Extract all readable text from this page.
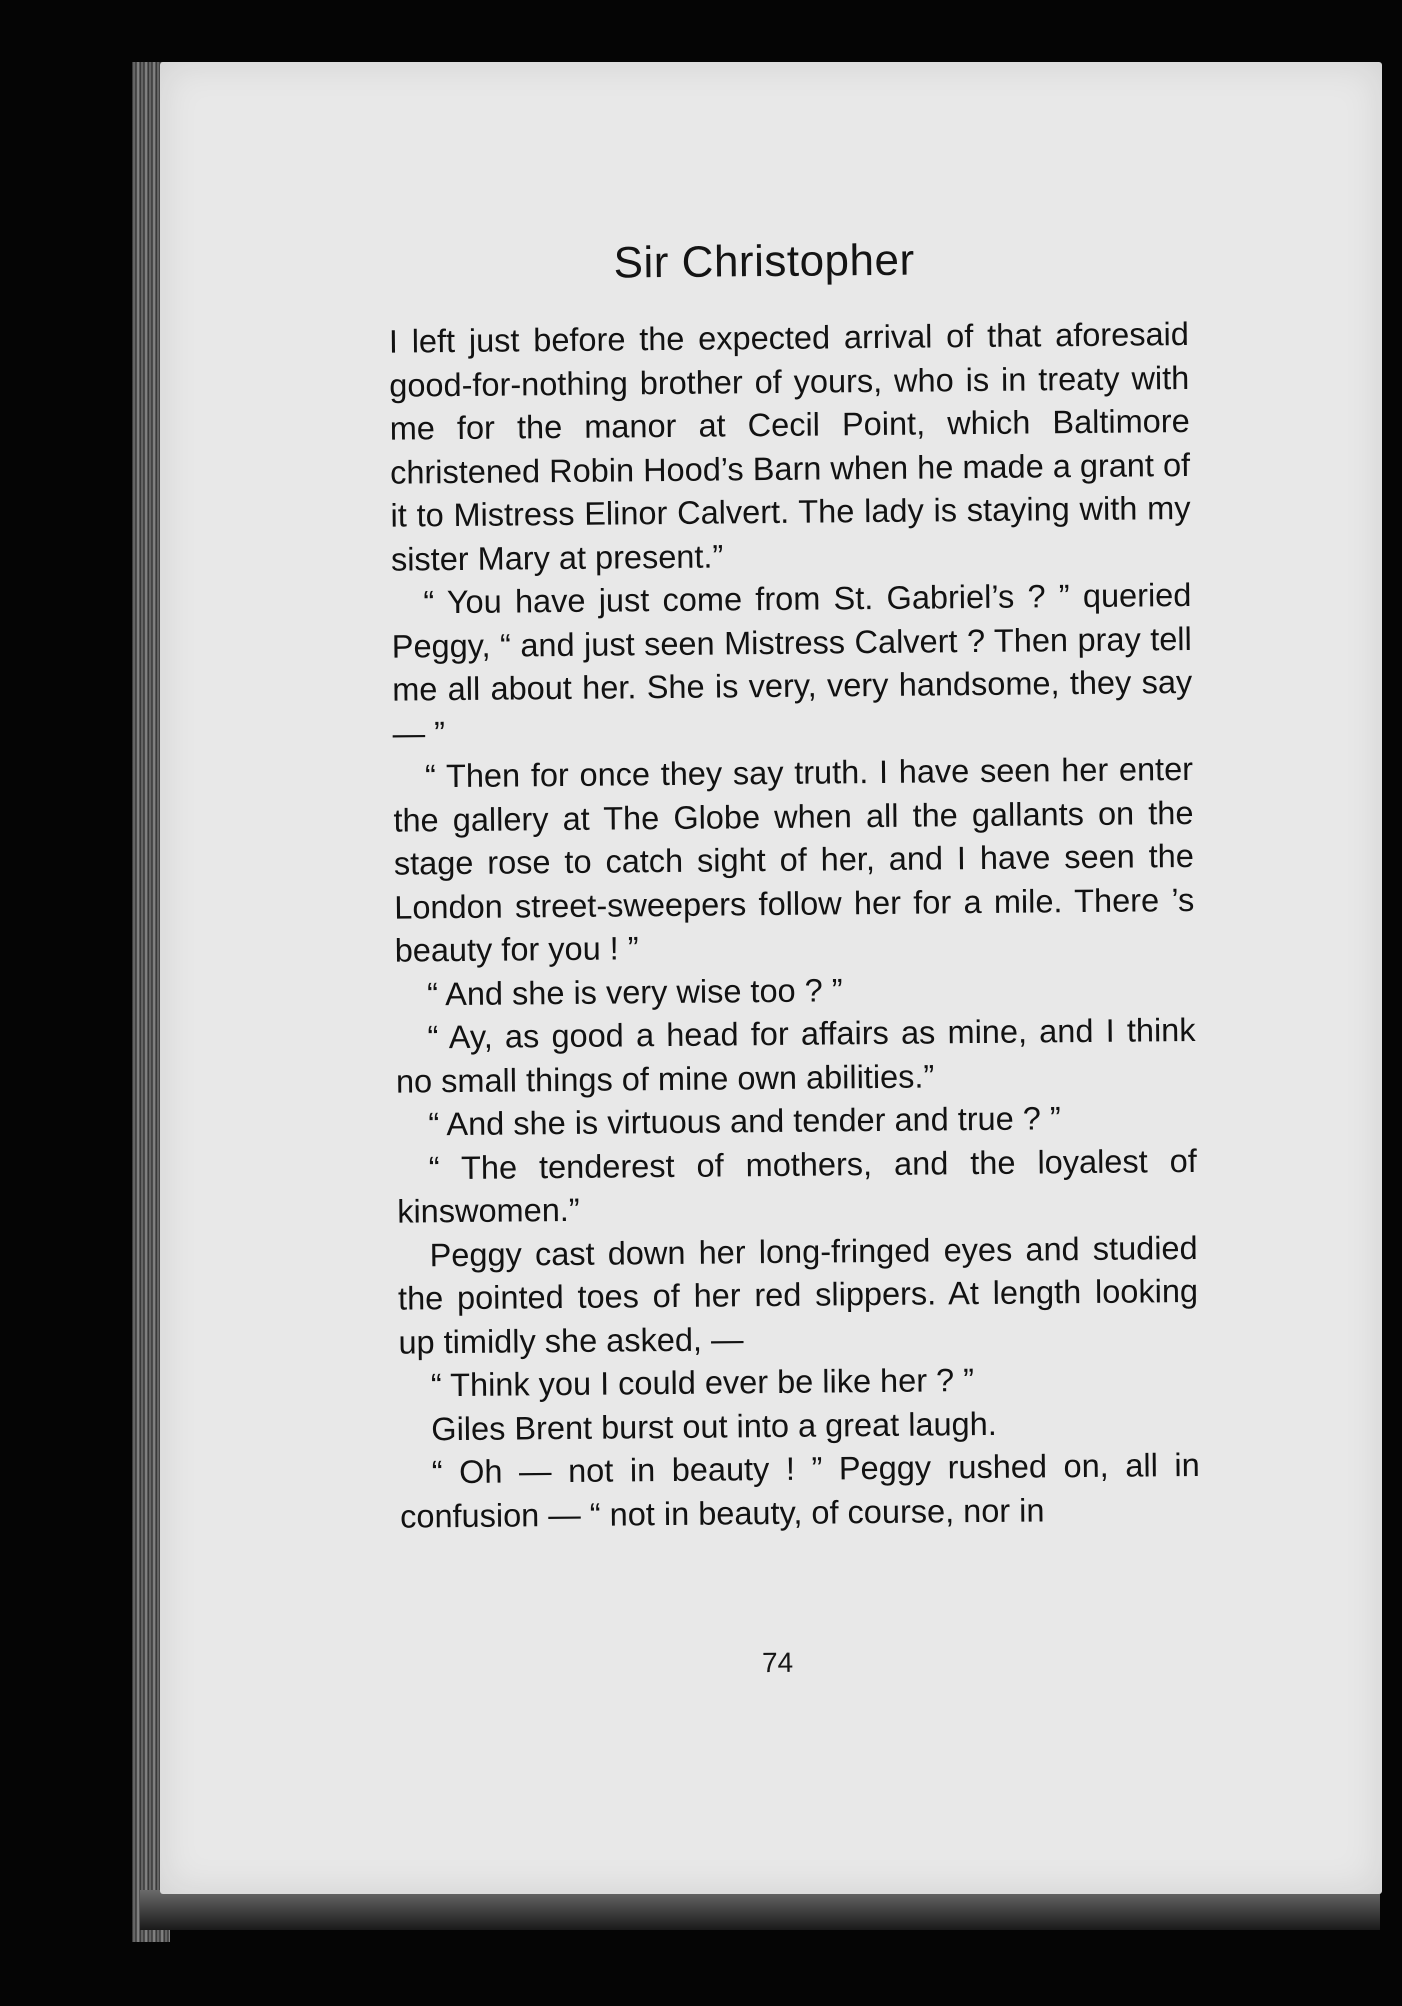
Sir Christopher

I left just before the expected arrival of that aforesaid good-for-nothing brother of yours, who is in treaty with me for the manor at Cecil Point, which Baltimore christened Robin Hood’s Barn when he made a grant of it to Mistress Elinor Calvert. The lady is staying with my sister Mary at present.”

“ You have just come from St. Gabriel’s ? ” queried Peggy, “ and just seen Mistress Calvert ? Then pray tell me all about her. She is very, very handsome, they say — ”

“ Then for once they say truth. I have seen her enter the gallery at The Globe when all the gallants on the stage rose to catch sight of her, and I have seen the London street-sweepers follow her for a mile. There ’s beauty for you ! ”

“ And she is very wise too ? ”

“ Ay, as good a head for affairs as mine, and I think no small things of mine own abilities.”

“ And she is virtuous and tender and true ? ”

“ The tenderest of mothers, and the loyalest of kinswomen.”

Peggy cast down her long-fringed eyes and studied the pointed toes of her red slippers. At length looking up timidly she asked, —

“ Think you I could ever be like her ? ”

Giles Brent burst out into a great laugh.

“ Oh — not in beauty ! ” Peggy rushed on, all in confusion — “ not in beauty, of course, nor in

74
